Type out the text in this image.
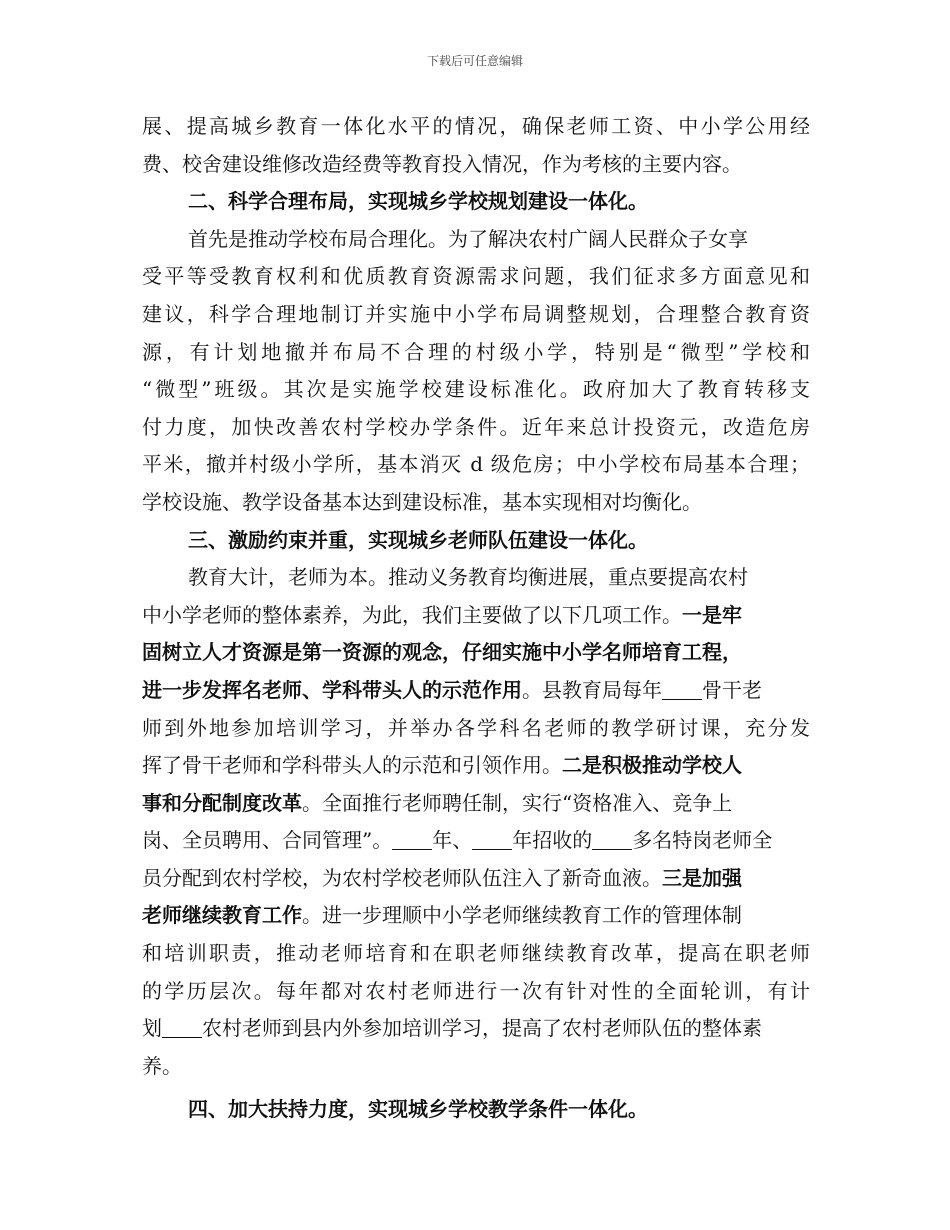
下载后可任意编辑
展、提高城乡教育一体化水平的情况，确保老师工资、中小学公用经
费、校舍建设维修改造经费等教育投入情况，作为考核的主要内容。
二、科学合理布局，实现城乡学校规划建设一体化。
首先是推动学校布局合理化。为了解决农村广阔人民群众子女享
受平等受教育权利和优质教育资源需求问题，我们征求多方面意见和
建议，科学合理地制订并实施中小学布局调整规划，合理整合教育资
源，有计划地撤并布局不合理的村级小学，特别是“微型”学校和
“微型”班级。其次是实施学校建设标准化。政府加大了教育转移支
付力度，加快改善农村学校办学条件。近年来总计投资元，改造危房
平米，撤并村级小学所，基本消灭 d 级危房；中小学校布局基本合理；
学校设施、教学设备基本达到建设标准，基本实现相对均衡化。
三、激励约束并重，实现城乡老师队伍建设一体化。
教育大计，老师为本。推动义务教育均衡进展，重点要提高农村
中小学老师的整体素养，为此，我们主要做了以下几项工作。一是牢
固树立人才资源是第一资源的观念，仔细实施中小学名师培育工程，
进一步发挥名老师、学科带头人的示范作用。县教育局每年 骨干老
师到外地参加培训学习，并举办各学科名老师的教学研讨课，充分发
挥了骨干老师和学科带头人的示范和引领作用。二是积极推动学校人
事和分配制度改革。全面推行老师聘任制，实行“资格准入、竞争上
岗、全员聘用、合同管理”。 年、 年招收的 多名特岗老师全
员分配到农村学校，为农村学校老师队伍注入了新奇血液。三是加强
老师继续教育工作。进一步理顺中小学老师继续教育工作的管理体制
和培训职责，推动老师培育和在职老师继续教育改革，提高在职老师
的学历层次。每年都对农村老师进行一次有针对性的全面轮训，有计
划 农村老师到县内外参加培训学习，提高了农村老师队伍的整体素
养。
四、加大扶持力度，实现城乡学校教学条件一体化。
